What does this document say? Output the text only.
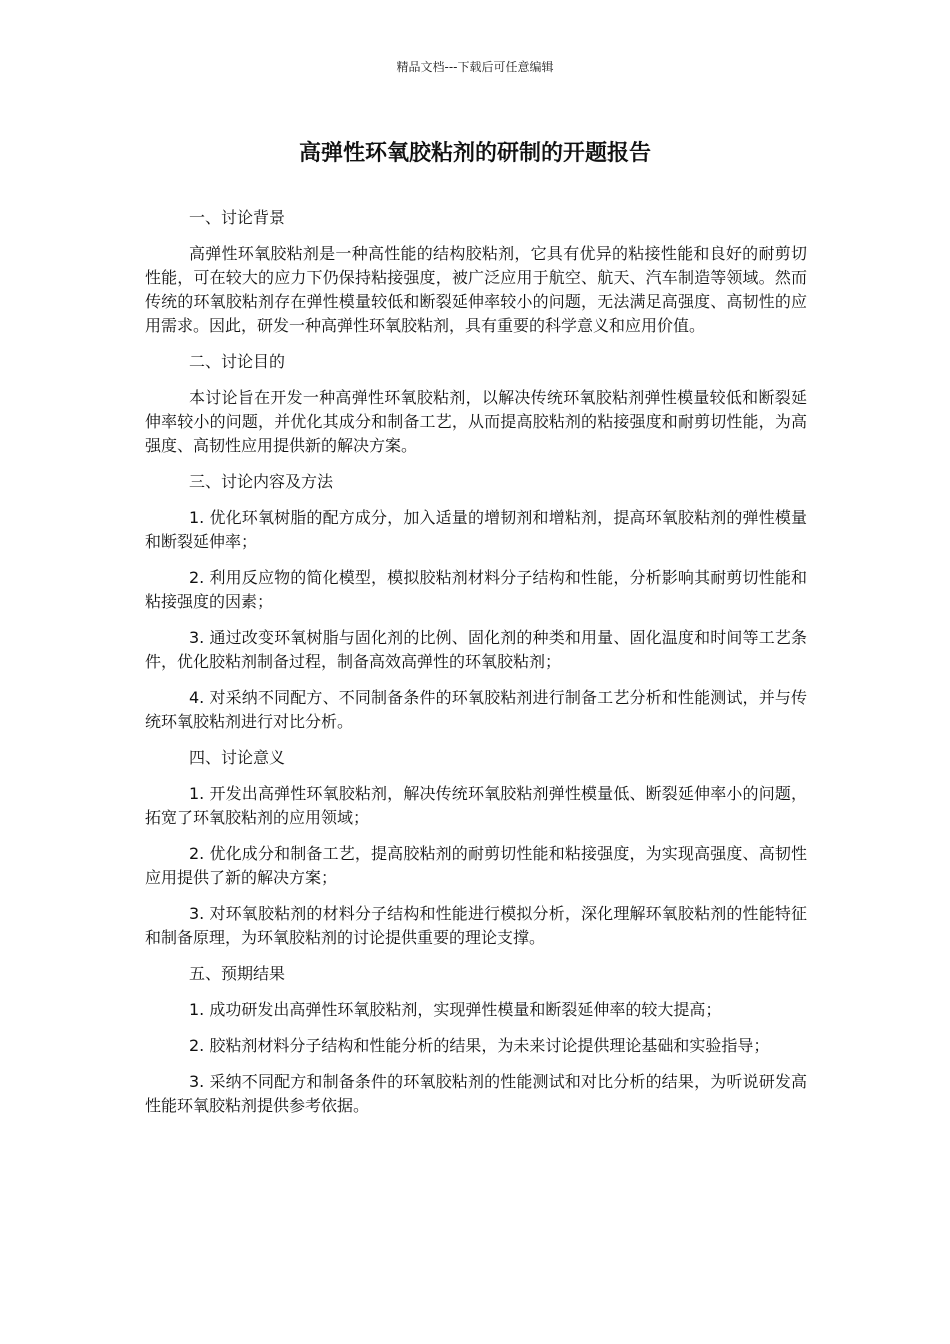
精品文档---下载后可任意编辑
高弹性环氧胶粘剂的研制的开题报告

一、讨论背景

高弹性环氧胶粘剂是一种高性能的结构胶粘剂，它具有优异的粘接性能和良好的耐剪切性能，可在较大的应力下仍保持粘接强度，被广泛应用于航空、航天、汽车制造等领域。然而传统的环氧胶粘剂存在弹性模量较低和断裂延伸率较小的问题，无法满足高强度、高韧性的应用需求。因此，研发一种高弹性环氧胶粘剂，具有重要的科学意义和应用价值。

二、讨论目的

本讨论旨在开发一种高弹性环氧胶粘剂，以解决传统环氧胶粘剂弹性模量较低和断裂延伸率较小的问题，并优化其成分和制备工艺，从而提高胶粘剂的粘接强度和耐剪切性能，为高强度、高韧性应用提供新的解决方案。

三、讨论内容及方法

1. 优化环氧树脂的配方成分，加入适量的增韧剂和增粘剂，提高环氧胶粘剂的弹性模量和断裂延伸率；

2. 利用反应物的简化模型，模拟胶粘剂材料分子结构和性能，分析影响其耐剪切性能和粘接强度的因素；

3. 通过改变环氧树脂与固化剂的比例、固化剂的种类和用量、固化温度和时间等工艺条件，优化胶粘剂制备过程，制备高效高弹性的环氧胶粘剂；

4. 对采纳不同配方、不同制备条件的环氧胶粘剂进行制备工艺分析和性能测试，并与传统环氧胶粘剂进行对比分析。

四、讨论意义

1. 开发出高弹性环氧胶粘剂，解决传统环氧胶粘剂弹性模量低、断裂延伸率小的问题，拓宽了环氧胶粘剂的应用领域；

2. 优化成分和制备工艺，提高胶粘剂的耐剪切性能和粘接强度，为实现高强度、高韧性应用提供了新的解决方案；

3. 对环氧胶粘剂的材料分子结构和性能进行模拟分析，深化理解环氧胶粘剂的性能特征和制备原理，为环氧胶粘剂的讨论提供重要的理论支撑。

五、预期结果

1. 成功研发出高弹性环氧胶粘剂，实现弹性模量和断裂延伸率的较大提高；

2. 胶粘剂材料分子结构和性能分析的结果，为未来讨论提供理论基础和实验指导；

3. 采纳不同配方和制备条件的环氧胶粘剂的性能测试和对比分析的结果，为听说研发高性能环氧胶粘剂提供参考依据。
